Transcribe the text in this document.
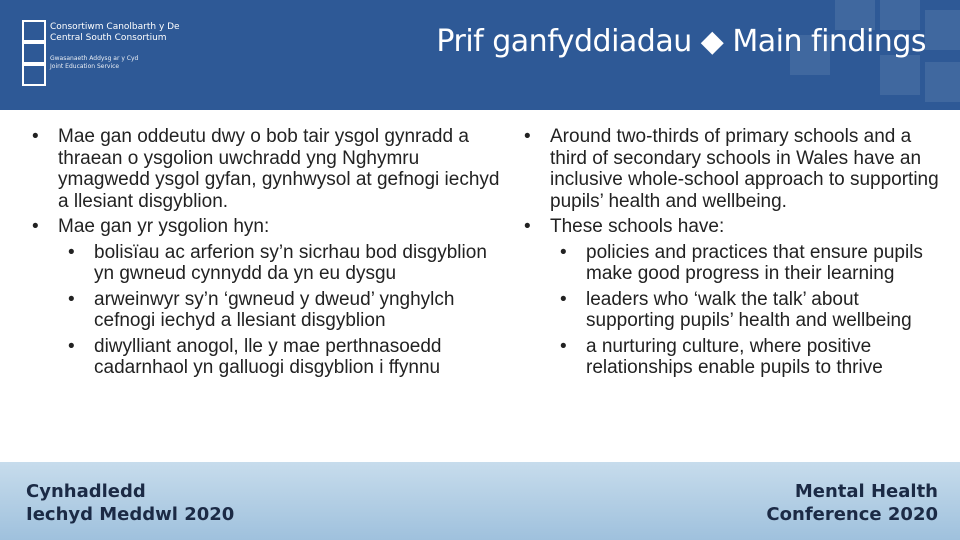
Consortiwm Canolbarth y De
Central South Consortium
Gwasanaeth Addysg ar y Cyd
Joint Education Service
Prif ganfyddiadau ◆ Main findings
• Mae gan oddeutu dwy o bob tair ysgol gynradd a thraean o ysgolion uwchradd yng Nghymru ymagwedd ysgol gyfan, gynhwysol at gefnogi iechyd a llesiant disgyblion.
• Mae gan yr ysgolion hyn:
• bolisïau ac arferion sy’n sicrhau bod disgyblion yn gwneud cynnydd da yn eu dysgu
• arweinwyr sy’n ‘gwneud y dweud’ ynghylch cefnogi iechyd a llesiant disgyblion
• diwylliant anogol, lle y mae perthnasoedd cadarnhaol yn galluogi disgyblion i ffynnu
• Around two-thirds of primary schools and a third of secondary schools in Wales have an inclusive whole-school approach to supporting pupils’ health and wellbeing.
• These schools have:
• policies and practices that ensure pupils make good progress in their learning
• leaders who ‘walk the talk’ about supporting pupils’ health and wellbeing
• a nurturing culture, where positive relationships enable pupils to thrive
Cynhadledd
Iechyd Meddwl 2020
Mental Health
Conference 2020
